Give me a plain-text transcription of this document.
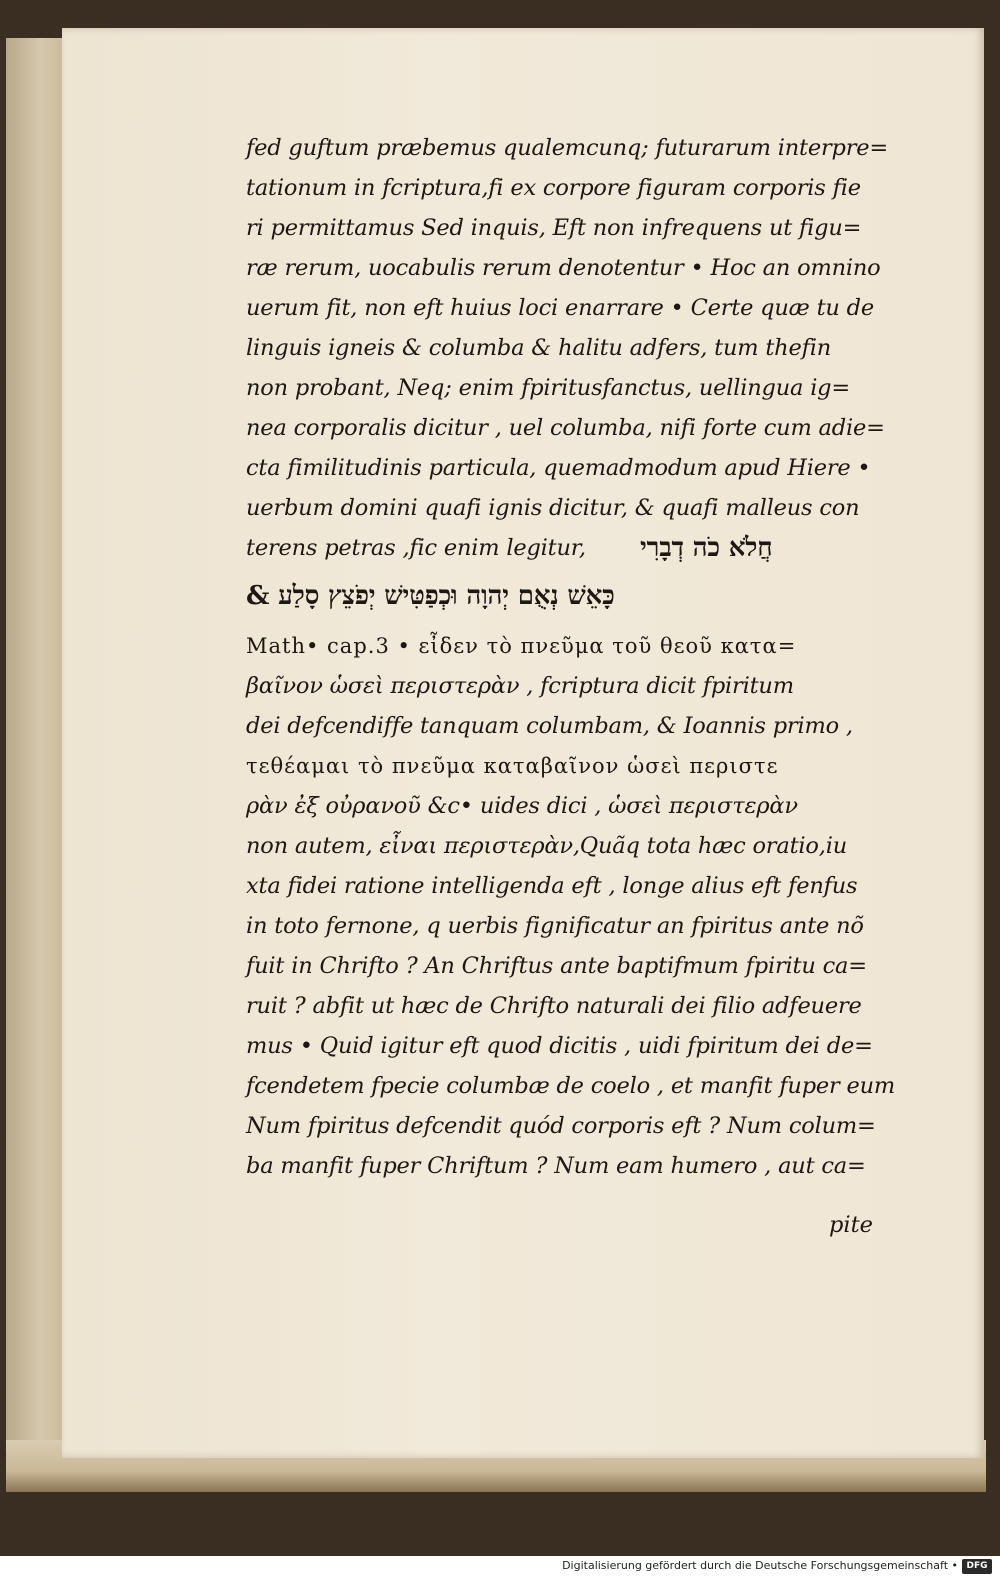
fed guftum præbemus qualemcunq; futurarum interpre=
tationum in fcriptura,fi ex corpore figuram corporis fie
ri permittamus Sed inquis, Eft non infrequens ut figu=
ræ rerum, uocabulis rerum denotentur • Hoc an omnino
uerum fit, non eft huius loci enarrare • Certe quæ tu de
linguis igneis & columba & halitu adfers, tum thefin
non probant, Neq; enim fpiritusfanctus, uellingua ig=
nea corporalis dicitur , uel columba, nifi forte cum adie=
cta fimilitudinis particula, quemadmodum apud Hiere •
uerbum domini quafi ignis dicitur, & quafi malleus con
terens petras ,fic enim legitur, חֲלֹא כֹה דְבָרִי
& כָּאֵשׁ נְאֻם יְהוָה וּכְפַטִּישׁ יְפֹצֵץ סָלַע
Math• cap.3 • εἶδεν τὸ πνεῦμα τοῦ θεοῦ κατα=
βαῖνον ὡσεὶ περιστερὰν , fcriptura dicit fpiritum
dei defcendiffe tanquam columbam, & Ioannis primo ,
τεθέαμαι τὸ πνεῦμα καταβαῖνον ὡσεὶ περιστε
ρὰν ἐξ οὐρανοῦ &c• uides dici , ὡσεὶ περιστερὰν
non autem, εἶναι περιστερὰν,Quãq tota hæc oratio,iu
xta fidei ratione intelligenda eft , longe alius eft fenfus
in toto fernone, q uerbis fignificatur an fpiritus ante nõ
fuit in Chrifto ? An Chriftus ante baptifmum fpiritu ca=
ruit ? abfit ut hæc de Chrifto naturali dei filio adfeuere
mus • Quid igitur eft quod dicitis , uidi fpiritum dei de=
fcendetem fpecie columbæ de coelo , et manfit fuper eum
Num fpiritus defcendit quód corporis eft ? Num colum=
ba manfit fuper Chriftum ? Num eam humero , aut ca=
pite
Digitalisierung gefördert durch die Deutsche Forschungsgemeinschaft • DFG
